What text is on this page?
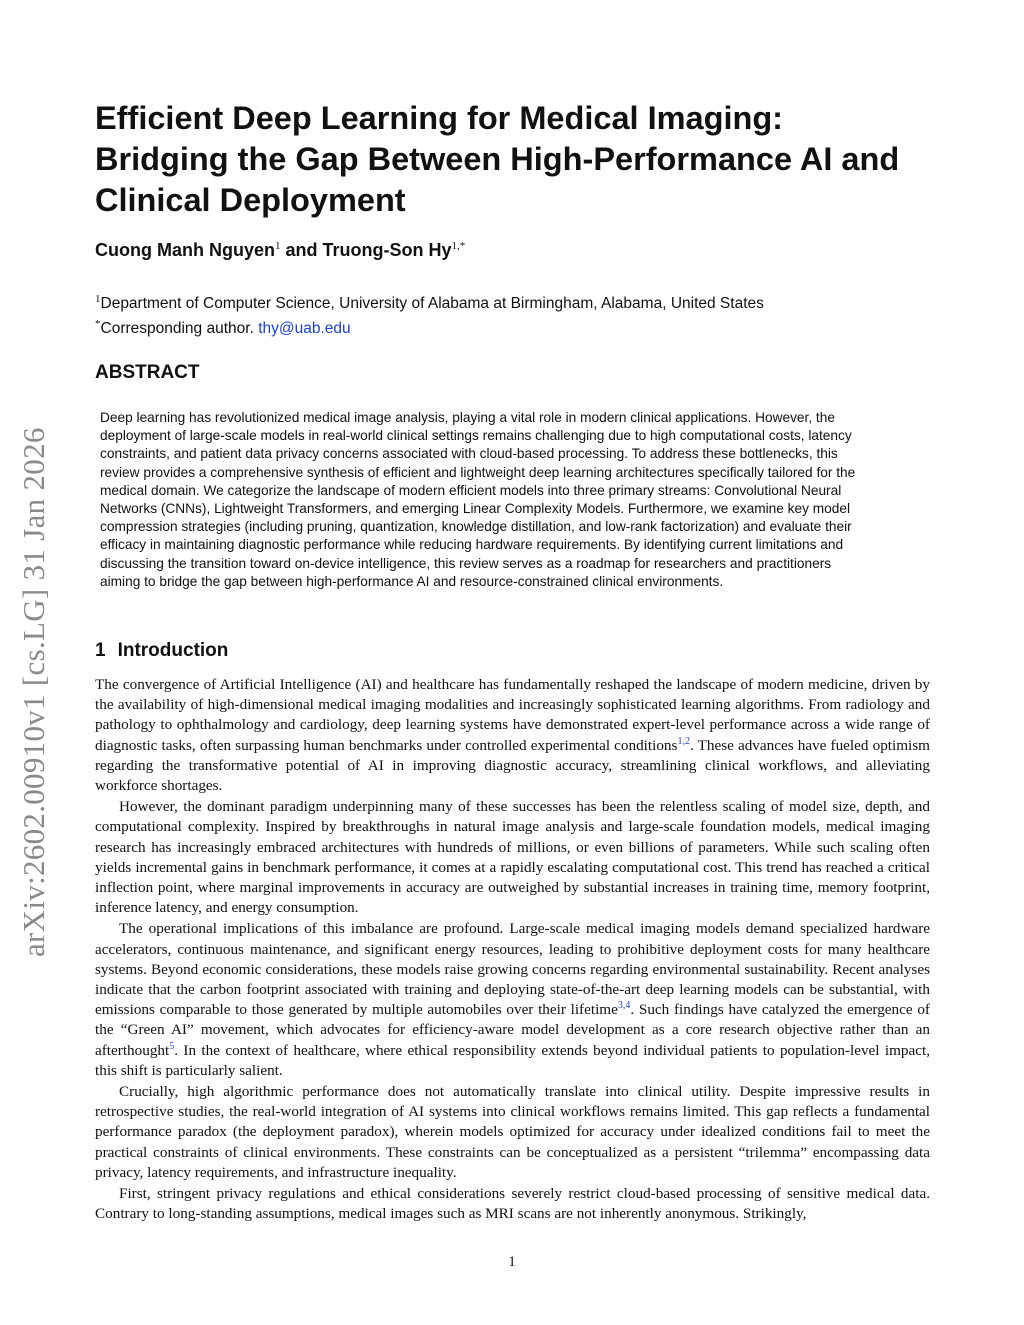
arXiv:2602.00910v1 [cs.LG] 31 Jan 2026
Efficient Deep Learning for Medical Imaging:
Bridging the Gap Between High-Performance AI and
Clinical Deployment
Cuong Manh Nguyen$^1$ and Truong-Son $Hy^{1,*}$
$^1$Department of Computer Science, University of Alabama at Birmingham, Alabama, United States
*Corresponding author. thy@uab.edu
ABSTRACT
Deep learning has revolutionized medical image analysis, playing a vital role in modern clinical applications. However, the
deployment of large-scale models in real-world clinical settings remains challenging due to high computational costs, latency
constraints, and patient data privacy concerns associated with cloud-based processing. To address these bottlenecks, this
review provides a comprehensive synthesis of efficient and lightweight deep learning architectures specifically tailored for the
medical domain. We categorize the landscape of modern efficient models into three primary streams: Convolutional Neural
Networks (CNNs), Lightweight Transformers, and emerging Linear Complexity Models. Furthermore, we examine key model
compression strategies (including pruning, quantization, knowledge distillation, and low-rank factorization) and evaluate their
efficacy in maintaining diagnostic performance while reducing hardware requirements. By identifying current limitations and
discussing the transition toward on-device intelligence, this review serves as a roadmap for researchers and practitioners
aiming to bridge the gap between high-performance AI and resource-constrained clinical environments.
1 Introduction

The convergence of Artificial Intelligence (AI) and healthcare has fundamentally reshaped the landscape of modern medicine, driven by the availability of high-dimensional medical imaging modalities and increasingly sophisticated learning algorithms. From radiology and pathology to ophthalmology and cardiology, deep learning systems have demonstrated expert-level performance across a wide range of diagnostic tasks, often surpassing human benchmarks under controlled experimental conditions$^{1,2}$. These advances have fueled optimism regarding the transformative potential of AI in improving diagnostic accuracy, streamlining clinical workflows, and alleviating workforce shortages.

However, the dominant paradigm underpinning many of these successes has been the relentless scaling of model size, depth, and computational complexity. Inspired by breakthroughs in natural image analysis and large-scale foundation models, medical imaging research has increasingly embraced architectures with hundreds of millions, or even billions of parameters. While such scaling often yields incremental gains in benchmark performance, it comes at a rapidly escalating computational cost. This trend has reached a critical inflection point, where marginal improvements in accuracy are outweighed by substantial increases in training time, memory footprint, inference latency, and energy consumption.

The operational implications of this imbalance are profound. Large-scale medical imaging models demand specialized hardware accelerators, continuous maintenance, and significant energy resources, leading to prohibitive deployment costs for many healthcare systems. Beyond economic considerations, these models raise growing concerns regarding environmental sustainability. Recent analyses indicate that the carbon footprint associated with training and deploying state-of-the-art deep learning models can be substantial, with emissions comparable to those generated by multiple automobiles over their lifetime$^{3,4}$. Such findings have catalyzed the emergence of the “Green AI” movement, which advocates for efficiency-aware model development as a core research objective rather than an afterthought$^5$. In the context of healthcare, where ethical responsibility extends beyond individual patients to population-level impact, this shift is particularly salient.

Crucially, high algorithmic performance does not automatically translate into clinical utility. Despite impressive results in retrospective studies, the real-world integration of AI systems into clinical workflows remains limited. This gap reflects a fundamental performance paradox (the deployment paradox), wherein models optimized for accuracy under idealized conditions fail to meet the practical constraints of clinical environments. These constraints can be conceptualized as a persistent “trilemma” encompassing data privacy, latency requirements, and infrastructure inequality.

First, stringent privacy regulations and ethical considerations severely restrict cloud-based processing of sensitive medical data. Contrary to long-standing assumptions, medical images such as MRI scans are not inherently anonymous. Strikingly,

1
